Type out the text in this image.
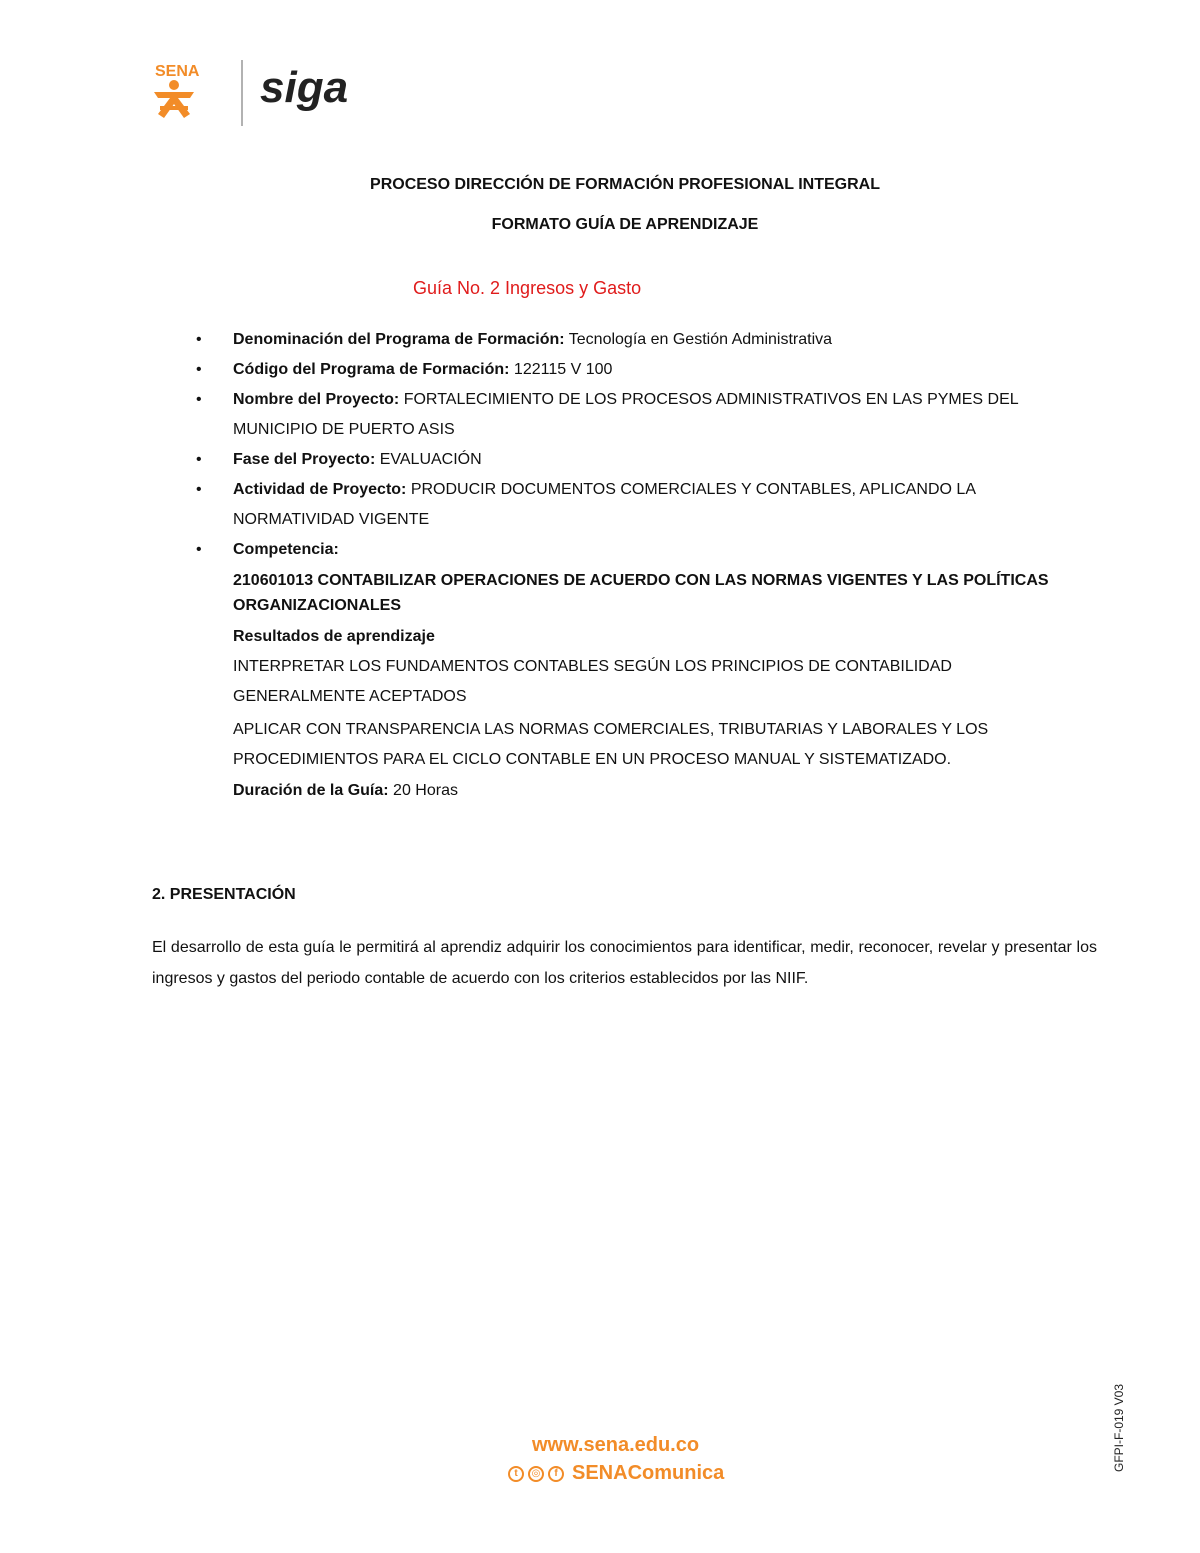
SENA siga
PROCESO DIRECCIÓN DE FORMACIÓN PROFESIONAL INTEGRAL
FORMATO GUÍA DE APRENDIZAJE
Guía No. 2 Ingresos y Gasto
• Denominación del Programa de Formación: Tecnología en Gestión Administrativa
• Código del Programa de Formación: 122115 V 100
• Nombre del Proyecto: FORTALECIMIENTO DE LOS PROCESOS ADMINISTRATIVOS EN LAS PYMES DEL MUNICIPIO DE PUERTO ASIS
• Fase del Proyecto: EVALUACIÓN
• Actividad de Proyecto: PRODUCIR DOCUMENTOS COMERCIALES Y CONTABLES, APLICANDO LA NORMATIVIDAD VIGENTE
• Competencia:
210601013 CONTABILIZAR OPERACIONES DE ACUERDO CON LAS NORMAS VIGENTES Y LAS POLÍTICAS ORGANIZACIONALES
Resultados de aprendizaje
INTERPRETAR LOS FUNDAMENTOS CONTABLES SEGÚN LOS PRINCIPIOS DE CONTABILIDAD GENERALMENTE ACEPTADOS
APLICAR CON TRANSPARENCIA LAS NORMAS COMERCIALES, TRIBUTARIAS Y LABORALES Y LOS PROCEDIMIENTOS PARA EL CICLO CONTABLE EN UN PROCESO MANUAL Y SISTEMATIZADO.
Duración de la Guía: 20 Horas
2. PRESENTACIÓN
El desarrollo de esta guía le permitirá al aprendiz adquirir los conocimientos para identificar, medir, reconocer, revelar y presentar los ingresos y gastos del periodo contable de acuerdo con los criterios establecidos por las NIIF.
www.sena.edu.co
t	◎	f SENAComunica
GFPI-F-019 V03
